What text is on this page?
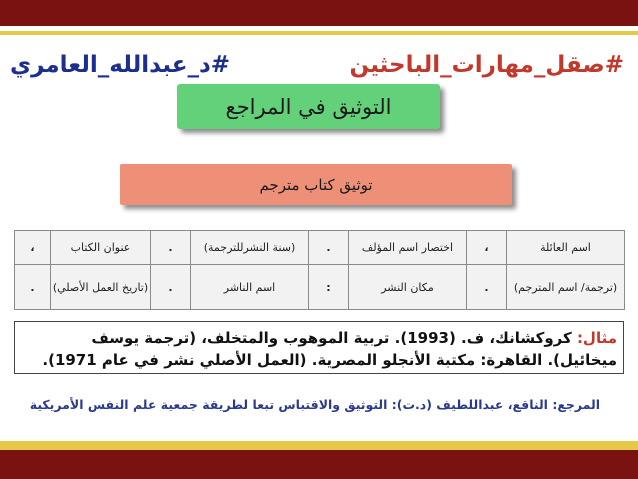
#صقل_مهارات_الباحثين
#د_عبدالله_العامري
التوثيق في المراجع
توثيق كتاب مترجم
اسم العائلة	،	اختصار اسم المؤلف	.	(سنة النشرللترجمة)	.	عنوان الكتاب	،
(ترجمة/ اسم المترجم)	.	مكان النشر	:	اسم الناشر	.	(تاريخ العمل الأصلي)	.
مثال: كروكشانك، ف. (1993). تربية الموهوب والمتخلف، (ترجمة يوسف ميخائيل). القاهرة: مكتبة الأنجلو المصرية. (العمل الأصلي نشر في عام 1971).
المرجع: الناقع، عبداللطيف (د.ت): التوثيق والاقتباس تبعا لطريقة جمعية علم النفس الأمريكية
